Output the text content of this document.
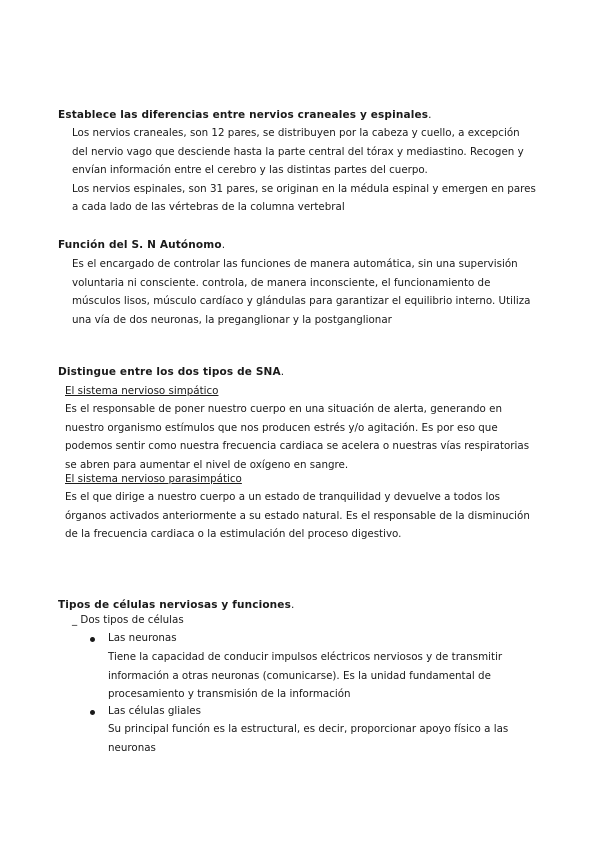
Establece las diferencias entre nervios craneales y espinales.
Los nervios craneales, son 12 pares, se distribuyen por la cabeza y cuello, a excepción
del nervio vago que desciende hasta la parte central del tórax y mediastino. Recogen y
envían información entre el cerebro y las distintas partes del cuerpo.
Los nervios espinales, son 31 pares, se originan en la médula espinal y emergen en pares
a cada lado de las vértebras de la columna vertebral
Función del S. N Autónomo.
Es el encargado de controlar las funciones de manera automática, sin una supervisión
voluntaria ni consciente. controla, de manera inconsciente, el funcionamiento de
músculos lisos, músculo cardíaco y glándulas para garantizar el equilibrio interno. Utiliza
una vía de dos neuronas, la preganglionar y la postganglionar
Distingue entre los dos tipos de SNA.
El sistema nervioso simpático
Es el responsable de poner nuestro cuerpo en una situación de alerta, generando en
nuestro organismo estímulos que nos producen estrés y/o agitación. Es por eso que
podemos sentir como nuestra frecuencia cardiaca se acelera o nuestras vías respiratorias
se abren para aumentar el nivel de oxígeno en sangre.
El sistema nervioso parasimpático
Es el que dirige a nuestro cuerpo a un estado de tranquilidad y devuelve a todos los
órganos activados anteriormente a su estado natural. Es el responsable de la disminución
de la frecuencia cardiaca o la estimulación del proceso digestivo.
Tipos de células nerviosas y funciones.
_ Dos tipos de células
Las neuronas
Tiene la capacidad de conducir impulsos eléctricos nerviosos y de transmitir
información a otras neuronas (comunicarse). Es la unidad fundamental de
procesamiento y transmisión de la información
Las células gliales
Su principal función es la estructural, es decir, proporcionar apoyo físico a las
neuronas
